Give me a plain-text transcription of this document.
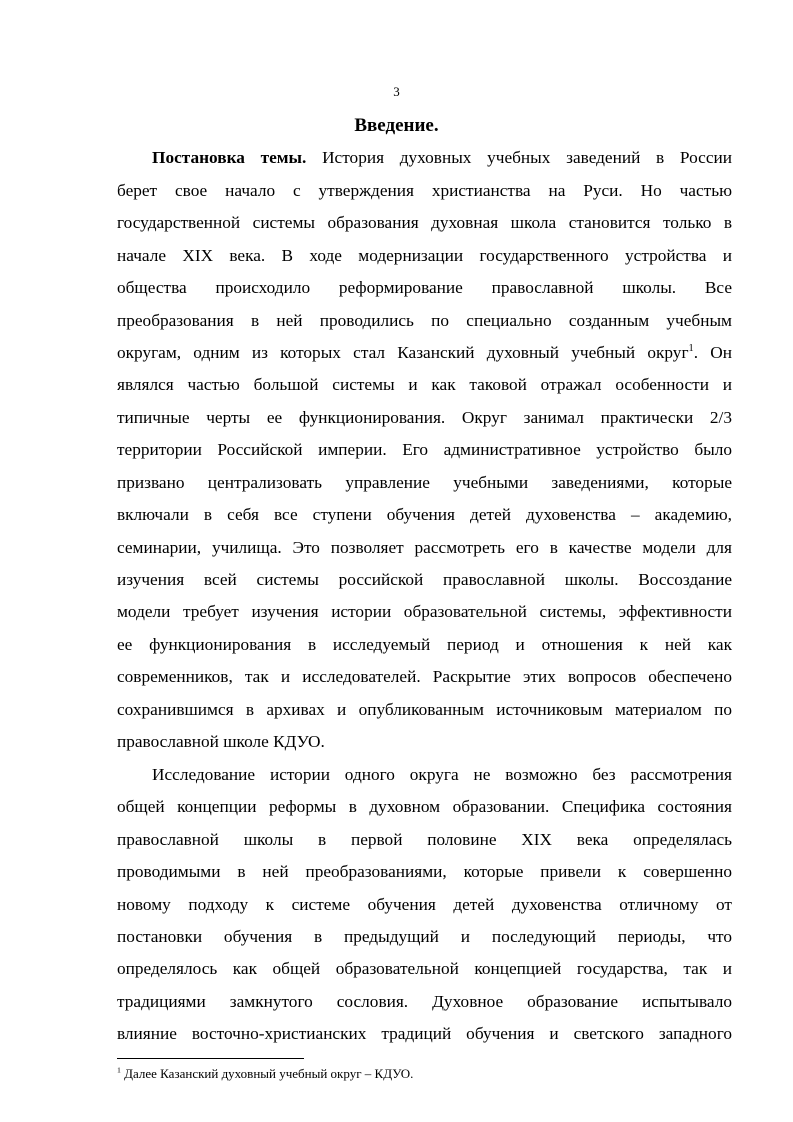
3
Введение.
Постановка темы. История духовных учебных заведений в России
берет свое начало с утверждения христианства на Руси. Но частью
государственной системы образования духовная школа становится только в
начале XIX века. В ходе модернизации государственного устройства и
общества происходило реформирование православной школы. Все
преобразования в ней проводились по специально созданным учебным
округам, одним из которых стал Казанский духовный учебный округ$^1$. Он
являлся частью большой системы и как таковой отражал особенности и
типичные черты ее функционирования. Округ занимал практически 2/3
территории Российской империи. Его административное устройство было
призвано централизовать управление учебными заведениями, которые
включали в себя все ступени обучения детей духовенства – академию,
семинарии, училища. Это позволяет рассмотреть его в качестве модели для
изучения всей системы российской православной школы. Воссоздание
модели требует изучения истории образовательной системы, эффективности
ее функционирования в исследуемый период и отношения к ней как
современников, так и исследователей. Раскрытие этих вопросов обеспечено
сохранившимся в архивах и опубликованным источниковым материалом по
православной школе КДУО.
Исследование истории одного округа не возможно без рассмотрения
общей концепции реформы в духовном образовании. Специфика состояния
православной школы в первой половине XIX века определялась
проводимыми в ней преобразованиями, которые привели к совершенно
новому подходу к системе обучения детей духовенства отличному от
постановки обучения в предыдущий и последующий периоды, что
определялось как общей образовательной концепцией государства, так и
традициями замкнутого сословия. Духовное образование испытывало
влияние восточно-христианских традиций обучения и светского западного
$^1$ Далее Казанский духовный учебный округ – КДУО.
